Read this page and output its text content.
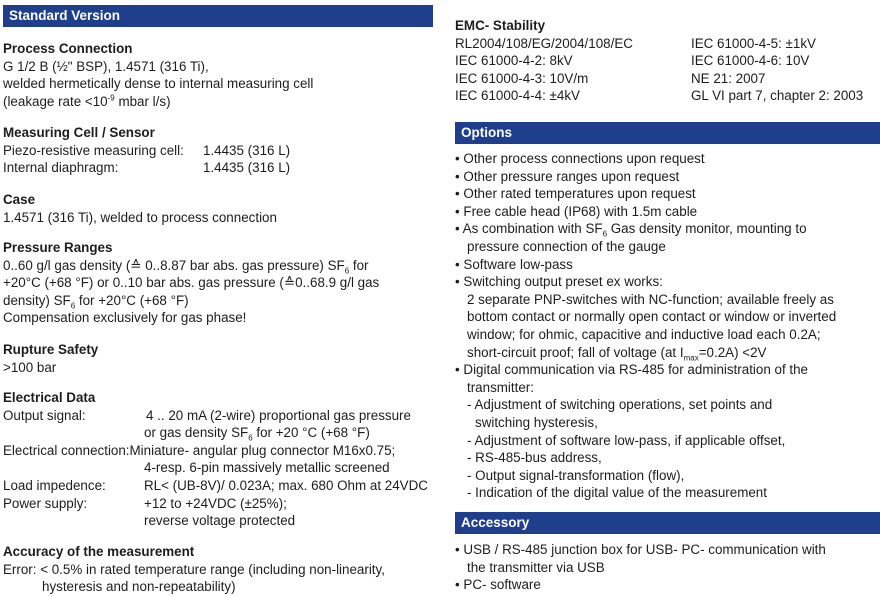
Standard Version
Process Connection
G 1/2 B (½" BSP), 1.4571 (316 Ti),
welded hermetically dense to internal measuring cell
(leakage rate $<10^{-9}$ mbar l/s)
Measuring Cell / Sensor
Piezo-resistive measuring cell:	1.4435 (316 L)
Internal diaphragm:	1.4435 (316 L)
Case
1.4571 (316 Ti), welded to process connection
Pressure Ranges
0..60 g/l gas density (≙ 0..8.87 bar abs. gas pressure) $SF_6$ for
+20°C (+68 °F) or 0..10 bar abs. gas pressure (≙0..68.9 g/l gas
density) $SF_6$ for +20°C (+68 °F)
Compensation exclusively for gas phase!
Rupture Safety
>100 bar
Electrical Data
Output signal:	4 .. 20 mA (2-wire) proportional gas pressure
or gas density $SF_6$ for +20 °C (+68 °F)
Electrical connection: Miniature- angular plug connector M16x0.75;
4-resp. 6-pin massively metallic screened
Load impedence:	RL< (UB-8V)/ 0.023A; max. 680 Ohm at 24VDC
Power supply:	+12 to +24VDC (±25%);
reverse voltage protected
Accuracy of the measurement
Error: < 0.5% in rated temperature range (including non-linearity,
hysteresis and non-repeatability)
EMC- Stability
RL2004/108/EG/2004/108/EC	IEC 61000-4-5: ±1kV
IEC 61000-4-2: 8kV	IEC 61000-4-6: 10V
IEC 61000-4-3: 10V/m	NE 21: 2007
IEC 61000-4-4: ±4kV	GL VI part 7, chapter 2: 2003
Options
• Other process connections upon request
• Other pressure ranges upon request
• Other rated temperatures upon request
• Free cable head (IP68) with 1.5m cable
• As combination with $SF_6$ Gas density monitor, mounting to
pressure connection of the gauge
• Software low-pass
• Switching output preset ex works:
2 separate PNP-switches with NC-function; available freely as
bottom contact or normally open contact or window or inverted
window; for ohmic, capacitive and inductive load each 0.2A;
short-circuit proof; fall of voltage (at $I_{max}=0.2A) <2V$
• Digital communication via RS-485 for administration of the
transmitter:
- Adjustment of switching operations, set points and
switching hysteresis,
- Adjustment of software low-pass, if applicable offset,
- RS-485-bus address,
- Output signal-transformation (flow),
- Indication of the digital value of the measurement
Accessory
• USB / RS-485 junction box for USB- PC- communication with
the transmitter via USB
• PC- software
